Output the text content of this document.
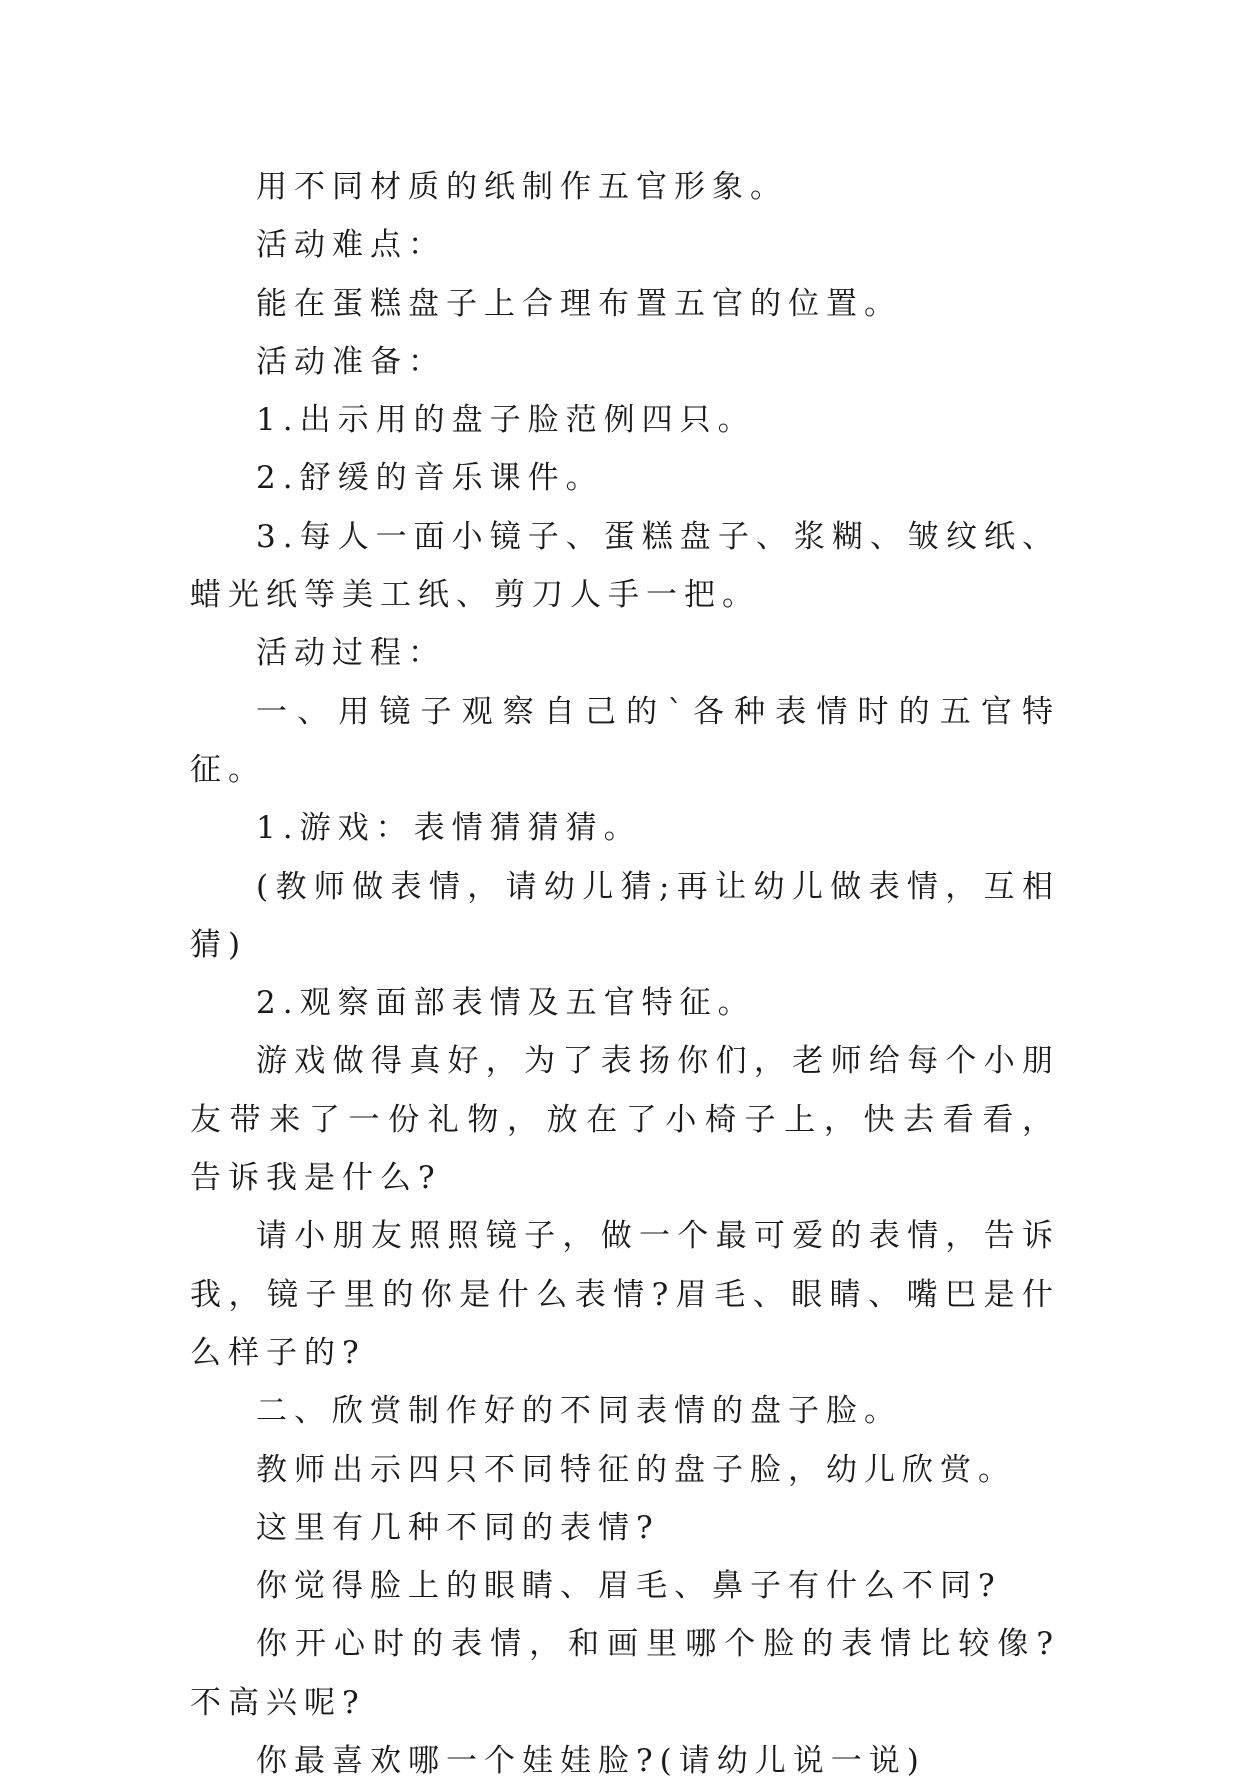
用不同材质的纸制作五官形象。

活动难点：

能在蛋糕盘子上合理布置五官的位置。

活动准备：

1.出示用的盘子脸范例四只。

2.舒缓的音乐课件。

3.每人一面小镜子、蛋糕盘子、浆糊、皱纹纸、蜡光纸等美工纸、剪刀人手一把。

活动过程：

一、用镜子观察自己的`各种表情时的五官特征。

1.游戏：表情猜猜猜。

(教师做表情，请幼儿猜;再让幼儿做表情，互相猜)

2.观察面部表情及五官特征。

游戏做得真好，为了表扬你们，老师给每个小朋友带来了一份礼物，放在了小椅子上，快去看看，告诉我是什么?

请小朋友照照镜子，做一个最可爱的表情，告诉我，镜子里的你是什么表情?眉毛、眼睛、嘴巴是什么样子的?

二、欣赏制作好的不同表情的盘子脸。

教师出示四只不同特征的盘子脸，幼儿欣赏。

这里有几种不同的表情?

你觉得脸上的眼睛、眉毛、鼻子有什么不同?

你开心时的表情，和画里哪个脸的表情比较像?不高兴呢?

你最喜欢哪一个娃娃脸?(请幼儿说一说)
